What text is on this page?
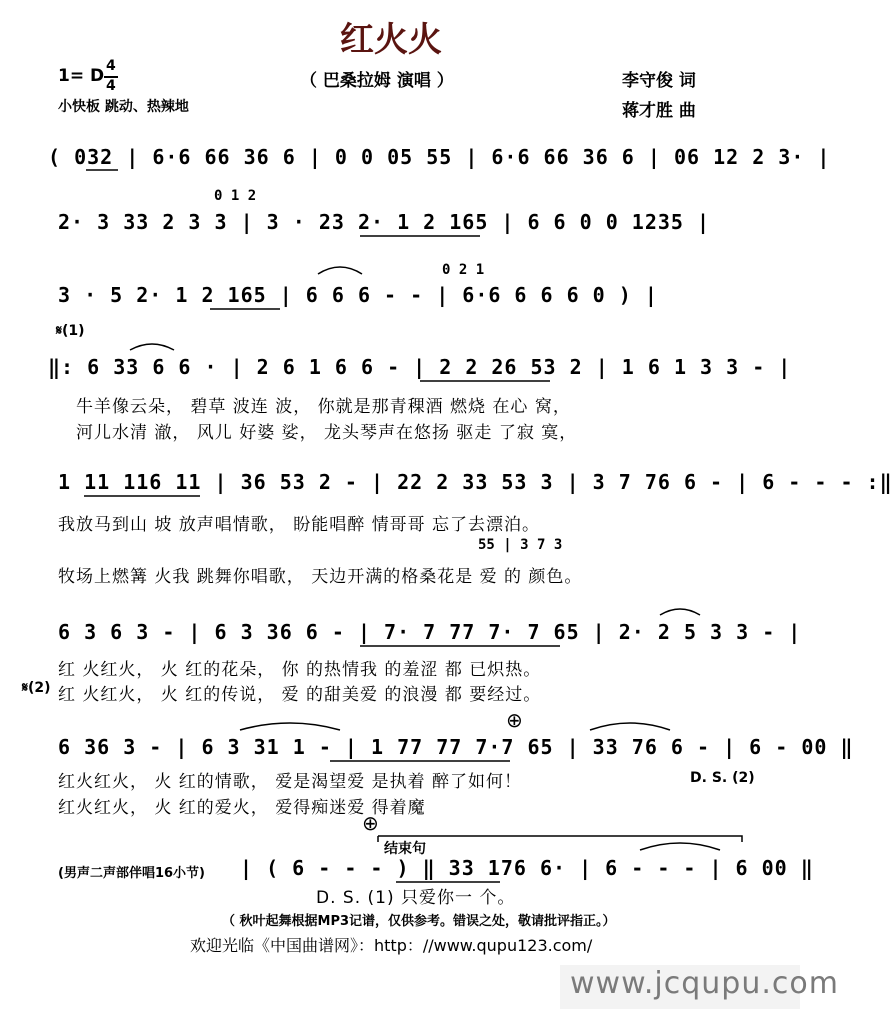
红火火
（ 巴桑拉姆 演唱 ）
1= D 4
4
小快板 跳动、热辣地
李守俊 词
蒋才胜 曲
( 032 | 6·6 66 36 6 | 0 0 05 55 | 6·6 66 36 6 | 06 12 2 3· |
0 1 2
2· 3 33 2 3 3 | 3 · 23 2· 1 2 165 | 6 6 0 0 1235 |
0 2 1
3 · 5 2· 1 2 165 | 6 6 6 - - | 6·6 6 6 6 0 ) |
𝄋(1)
‖: 6 33 6 6 · | 2 6 1 6 6 - | 2 2 26 53 2 | 1 6 1 3 3 - |
牛羊像云朵， 碧草 波连 波， 你就是那青稞酒 燃烧 在心 窝，
河儿水清 澈， 风儿 好婆 娑， 龙头琴声在悠扬 驱走 了寂 寞，
1 11 116 11 | 36 53 2 - | 22 2 33 53 3 | 3 7 76 6 - | 6 - - - :‖
我放马到山 坡 放声唱情歌， 盼能唱醉 情哥哥 忘了去漂泊。
55 | 3 7 3
牧场上燃篝 火我 跳舞你唱歌， 天边开满的格桑花是 爱 的 颜色。
6 3 6 3 - | 6 3 36 6 - | 7· 7 77 7· 7 65 | 2· 2 5 3 3 - |
红 火红火， 火 红的花朵， 你 的热情我 的羞涩 都 已炽热。
𝄋(2) 红 火红火， 火 红的传说， 爱 的甜美爱 的浪漫 都 要经过。
⊕
6 36 3 - | 6 3 31 1 - | 1 77 77 7·7 65 | 33 76 6 - | 6 - 00 ‖
红火红火， 火 红的情歌， 爱是渴望爱 是执着 醉了如何！	D. S. (2)
红火红火， 火 红的爱火， 爱得痴迷爱 得着魔
⊕
结束句
(男声二声部伴唱16小节) | ( 6 - - - ) ‖ 33 176 6· | 6 - - - | 6 00 ‖
D. S. (1) 只爱你一 个。
（ 秋叶起舞根据MP3记谱，仅供参考。错误之处，敬请批评指正。）
欢迎光临《中国曲谱网》：http：//www.qupu123.com/
www.jcqupu.com
